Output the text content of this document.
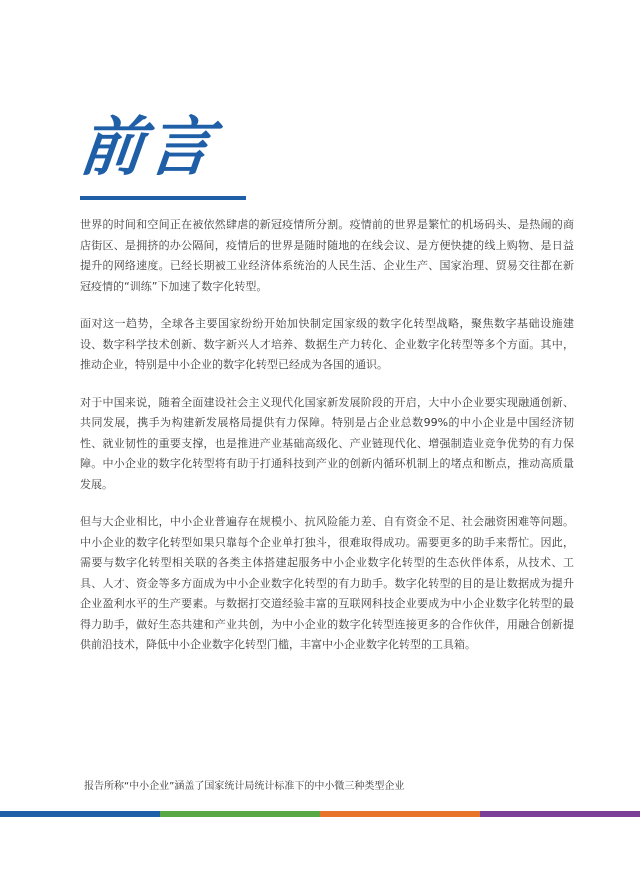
前言

世界的时间和空间正在被依然肆虐的新冠疫情所分割。疫情前的世界是繁忙的机场码头、是热闹的商店街区、是拥挤的办公隔间，疫情后的世界是随时随地的在线会议、是方便快捷的线上购物、是日益提升的网络速度。已经长期被工业经济体系统治的人民生活、企业生产、国家治理、贸易交往都在新冠疫情的“训练”下加速了数字化转型。

面对这一趋势，全球各主要国家纷纷开始加快制定国家级的数字化转型战略，聚焦数字基础设施建设、数字科学技术创新、数字新兴人才培养、数据生产力转化、企业数字化转型等多个方面。其中，推动企业，特别是中小企业的数字化转型已经成为各国的通识。

对于中国来说，随着全面建设社会主义现代化国家新发展阶段的开启，大中小企业要实现融通创新、共同发展，携手为构建新发展格局提供有力保障。特别是占企业总数99%的中小企业是中国经济韧性、就业韧性的重要支撑，也是推进产业基础高级化、产业链现代化、增强制造业竞争优势的有力保障。中小企业的数字化转型将有助于打通科技到产业的创新内循环机制上的堵点和断点，推动高质量发展。

但与大企业相比，中小企业普遍存在规模小、抗风险能力差、自有资金不足、社会融资困难等问题。中小企业的数字化转型如果只靠每个企业单打独斗，很难取得成功。需要更多的助手来帮忙。因此，需要与数字化转型相关联的各类主体搭建起服务中小企业数字化转型的生态伙伴体系，从技术、工具、人才、资金等多方面成为中小企业数字化转型的有力助手。数字化转型的目的是让数据成为提升企业盈利水平的生产要素。与数据打交道经验丰富的互联网科技企业要成为中小企业数字化转型的最得力助手，做好生态共建和产业共创，为中小企业的数字化转型连接更多的合作伙伴，用融合创新提供前沿技术，降低中小企业数字化转型门槛，丰富中小企业数字化转型的工具箱。

报告所称“中小企业”涵盖了国家统计局统计标准下的中小微三种类型企业
